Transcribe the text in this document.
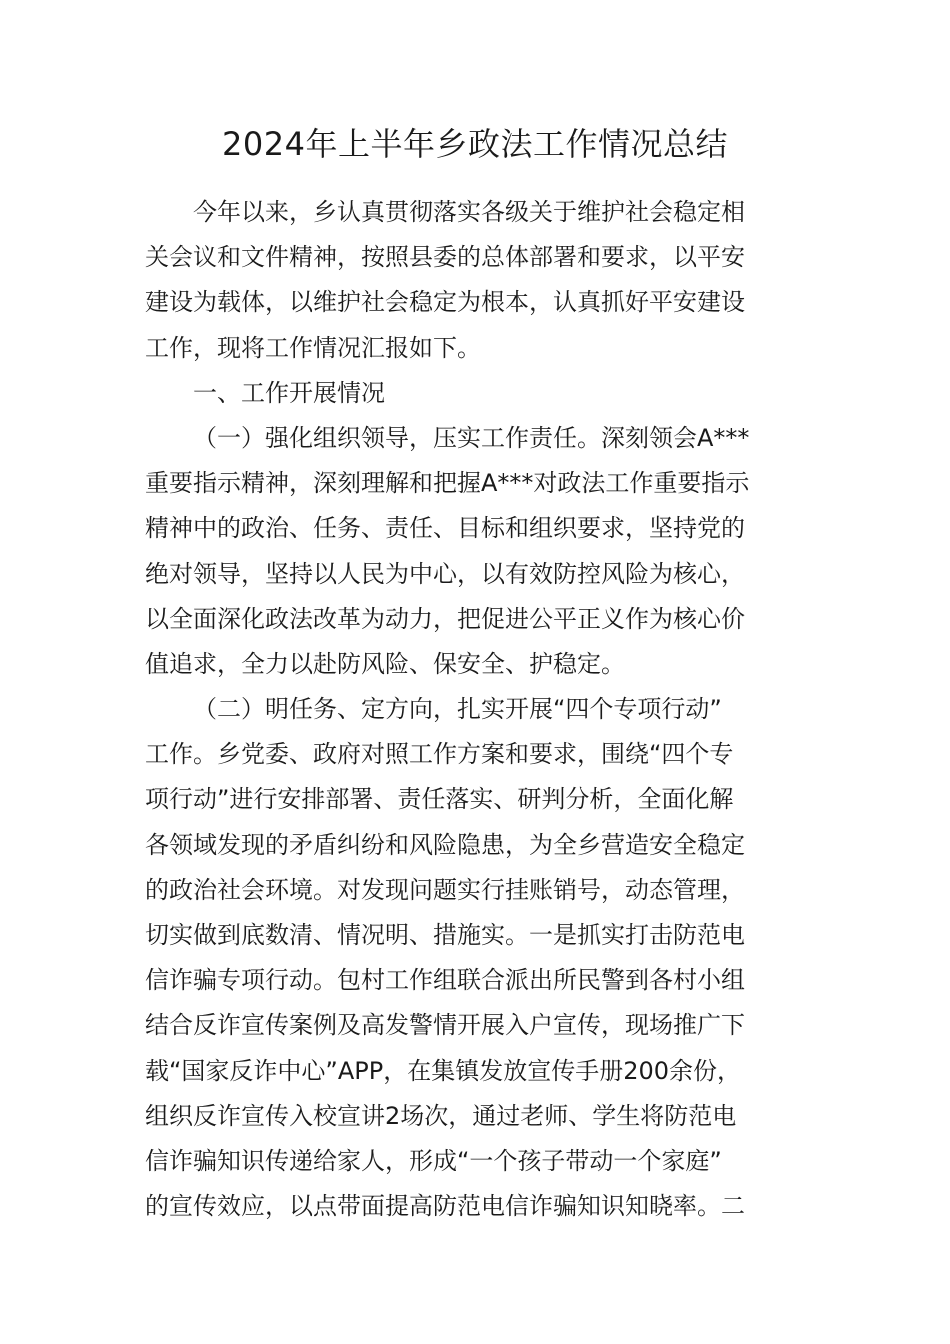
2024年上半年乡政法工作情况总结

今年以来，乡认真贯彻落实各级关于维护社会稳定相

关会议和文件精神，按照县委的总体部署和要求，以平安

建设为载体，以维护社会稳定为根本，认真抓好平安建设

工作，现将工作情况汇报如下。

一、工作开展情况

（一）强化组织领导，压实工作责任。深刻领会A***

重要指示精神，深刻理解和把握A***对政法工作重要指示

精神中的政治、任务、责任、目标和组织要求，坚持党的

绝对领导，坚持以人民为中心，以有效防控风险为核心，

以全面深化政法改革为动力，把促进公平正义作为核心价

值追求，全力以赴防风险、保安全、护稳定。

（二）明任务、定方向，扎实开展“四个专项行动”

工作。乡党委、政府对照工作方案和要求，围绕“四个专

项行动”进行安排部署、责任落实、研判分析，全面化解

各领域发现的矛盾纠纷和风险隐患，为全乡营造安全稳定

的政治社会环境。对发现问题实行挂账销号，动态管理，

切实做到底数清、情况明、措施实。一是抓实打击防范电

信诈骗专项行动。包村工作组联合派出所民警到各村小组

结合反诈宣传案例及高发警情开展入户宣传，现场推广下

载“国家反诈中心”APP，在集镇发放宣传手册200余份，

组织反诈宣传入校宣讲2场次，通过老师、学生将防范电

信诈骗知识传递给家人，形成“一个孩子带动一个家庭”

的宣传效应，以点带面提高防范电信诈骗知识知晓率。二
